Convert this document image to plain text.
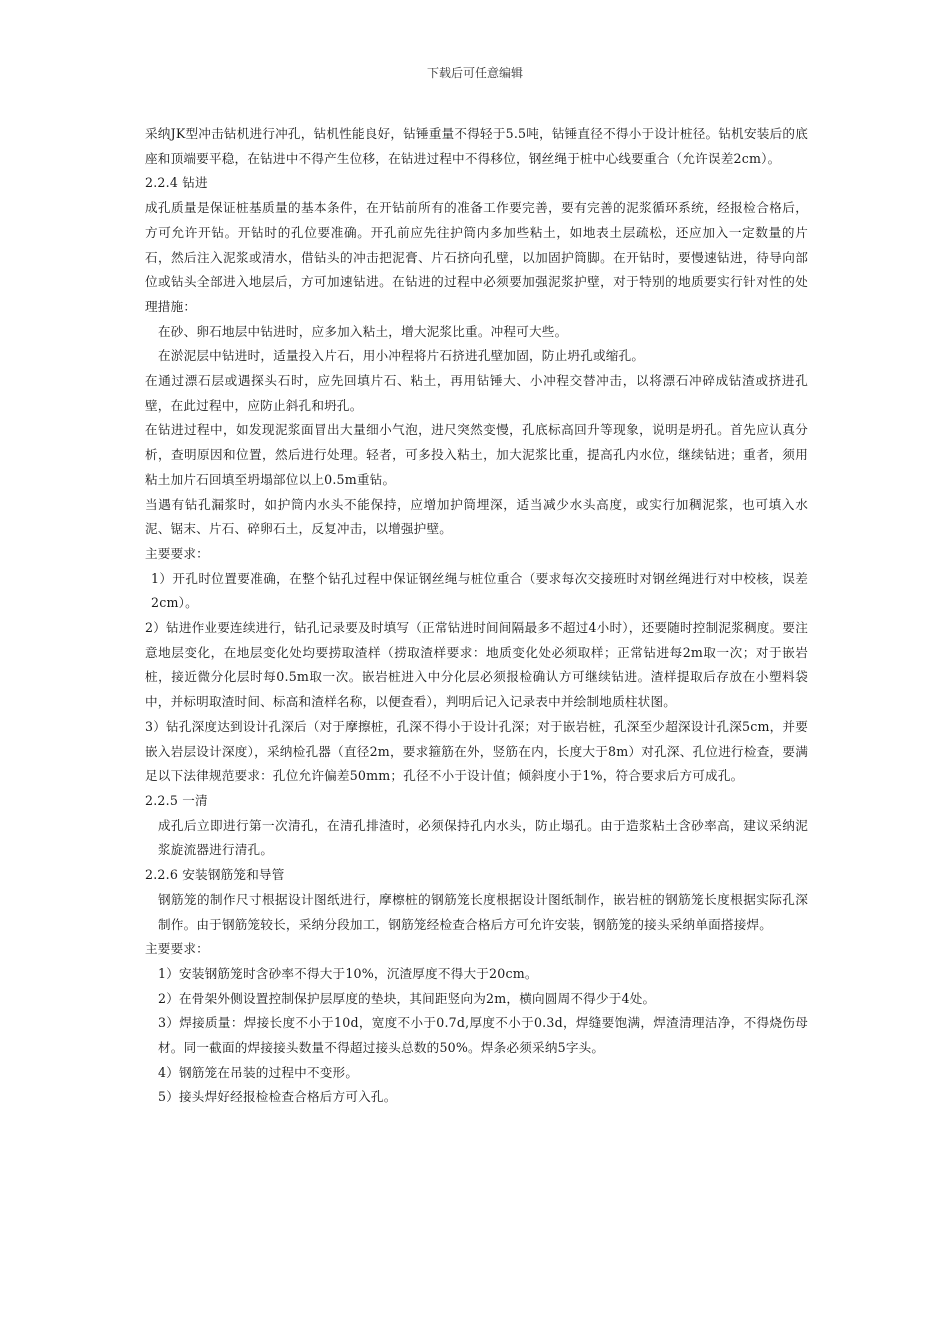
下载后可任意编辑

采纳JK型冲击钻机进行冲孔，钻机性能良好，钻锤重量不得轻于5.5吨，钻锤直径不得小于设计桩径。钻机安装后的底座和顶端要平稳，在钻进中不得产生位移，在钻进过程中不得移位，钢丝绳于桩中心线要重合（允许误差2cm）。

2.2.4 钻进

成孔质量是保证桩基质量的基本条件，在开钻前所有的准备工作要完善，要有完善的泥浆循环系统，经报检合格后，方可允许开钻。开钻时的孔位要准确。开孔前应先往护筒内多加些粘土，如地表土层疏松，还应加入一定数量的片石，然后注入泥浆或清水，借钻头的冲击把泥膏、片石挤向孔壁，以加固护筒脚。在开钻时，要慢速钻进，待导向部位或钻头全部进入地层后，方可加速钻进。在钻进的过程中必须要加强泥浆护壁，对于特别的地质要实行针对性的处理措施：

在砂、卵石地层中钻进时，应多加入粘土，增大泥浆比重。冲程可大些。

在淤泥层中钻进时，适量投入片石，用小冲程将片石挤进孔壁加固，防止坍孔或缩孔。

在通过漂石层或遇探头石时，应先回填片石、粘土，再用钻锤大、小冲程交替冲击，以将漂石冲碎成钻渣或挤进孔壁，在此过程中，应防止斜孔和坍孔。

在钻进过程中，如发现泥浆面冒出大量细小气泡，进尺突然变慢，孔底标高回升等现象，说明是坍孔。首先应认真分析，查明原因和位置，然后进行处理。轻者，可多投入粘土，加大泥浆比重，提高孔内水位，继续钻进；重者，须用粘土加片石回填至坍塌部位以上0.5m重钻。

当遇有钻孔漏浆时，如护筒内水头不能保持，应增加护筒埋深，适当减少水头高度，或实行加稠泥浆，也可填入水泥、锯末、片石、碎卵石土，反复冲击，以增强护壁。

主要要求：

1）开孔时位置要准确，在整个钻孔过程中保证钢丝绳与桩位重合（要求每次交接班时对钢丝绳进行对中校核，误差2cm）。

2）钻进作业要连续进行，钻孔记录要及时填写（正常钻进时间间隔最多不超过4小时），还要随时控制泥浆稠度。要注意地层变化，在地层变化处均要捞取渣样（捞取渣样要求：地质变化处必须取样；正常钻进每2m取一次；对于嵌岩桩，接近微分化层时每0.5m取一次。嵌岩桩进入中分化层必须报检确认方可继续钻进。渣样提取后存放在小塑料袋中，并标明取渣时间、标高和渣样名称，以便查看），判明后记入记录表中并绘制地质柱状图。

3）钻孔深度达到设计孔深后（对于摩擦桩，孔深不得小于设计孔深；对于嵌岩桩，孔深至少超深设计孔深5cm，并要嵌入岩层设计深度），采纳检孔器（直径2m，要求箍筋在外，竖筋在内，长度大于8m）对孔深、孔位进行检查，要满足以下法律规范要求：孔位允许偏差50mm；孔径不小于设计值；倾斜度小于1%，符合要求后方可成孔。

2.2.5 一清

成孔后立即进行第一次清孔，在清孔排渣时，必须保持孔内水头，防止塌孔。由于造浆粘土含砂率高，建议采纳泥浆旋流器进行清孔。

2.2.6 安装钢筋笼和导管

钢筋笼的制作尺寸根据设计图纸进行，摩檫桩的钢筋笼长度根据设计图纸制作，嵌岩桩的钢筋笼长度根据实际孔深制作。由于钢筋笼较长，采纳分段加工，钢筋笼经检查合格后方可允许安装，钢筋笼的接头采纳单面搭接焊。

主要要求：

1）安装钢筋笼时含砂率不得大于10%，沉渣厚度不得大于20cm。

2）在骨架外侧设置控制保护层厚度的垫块，其间距竖向为2m，横向圆周不得少于4处。

3）焊接质量：焊接长度不小于10d，宽度不小于0.7d,厚度不小于0.3d，焊缝要饱满，焊渣清理洁净，不得烧伤母材。同一截面的焊接接头数量不得超过接头总数的50%。焊条必须采纳5字头。

4）钢筋笼在吊装的过程中不变形。

5）接头焊好经报检检查合格后方可入孔。
